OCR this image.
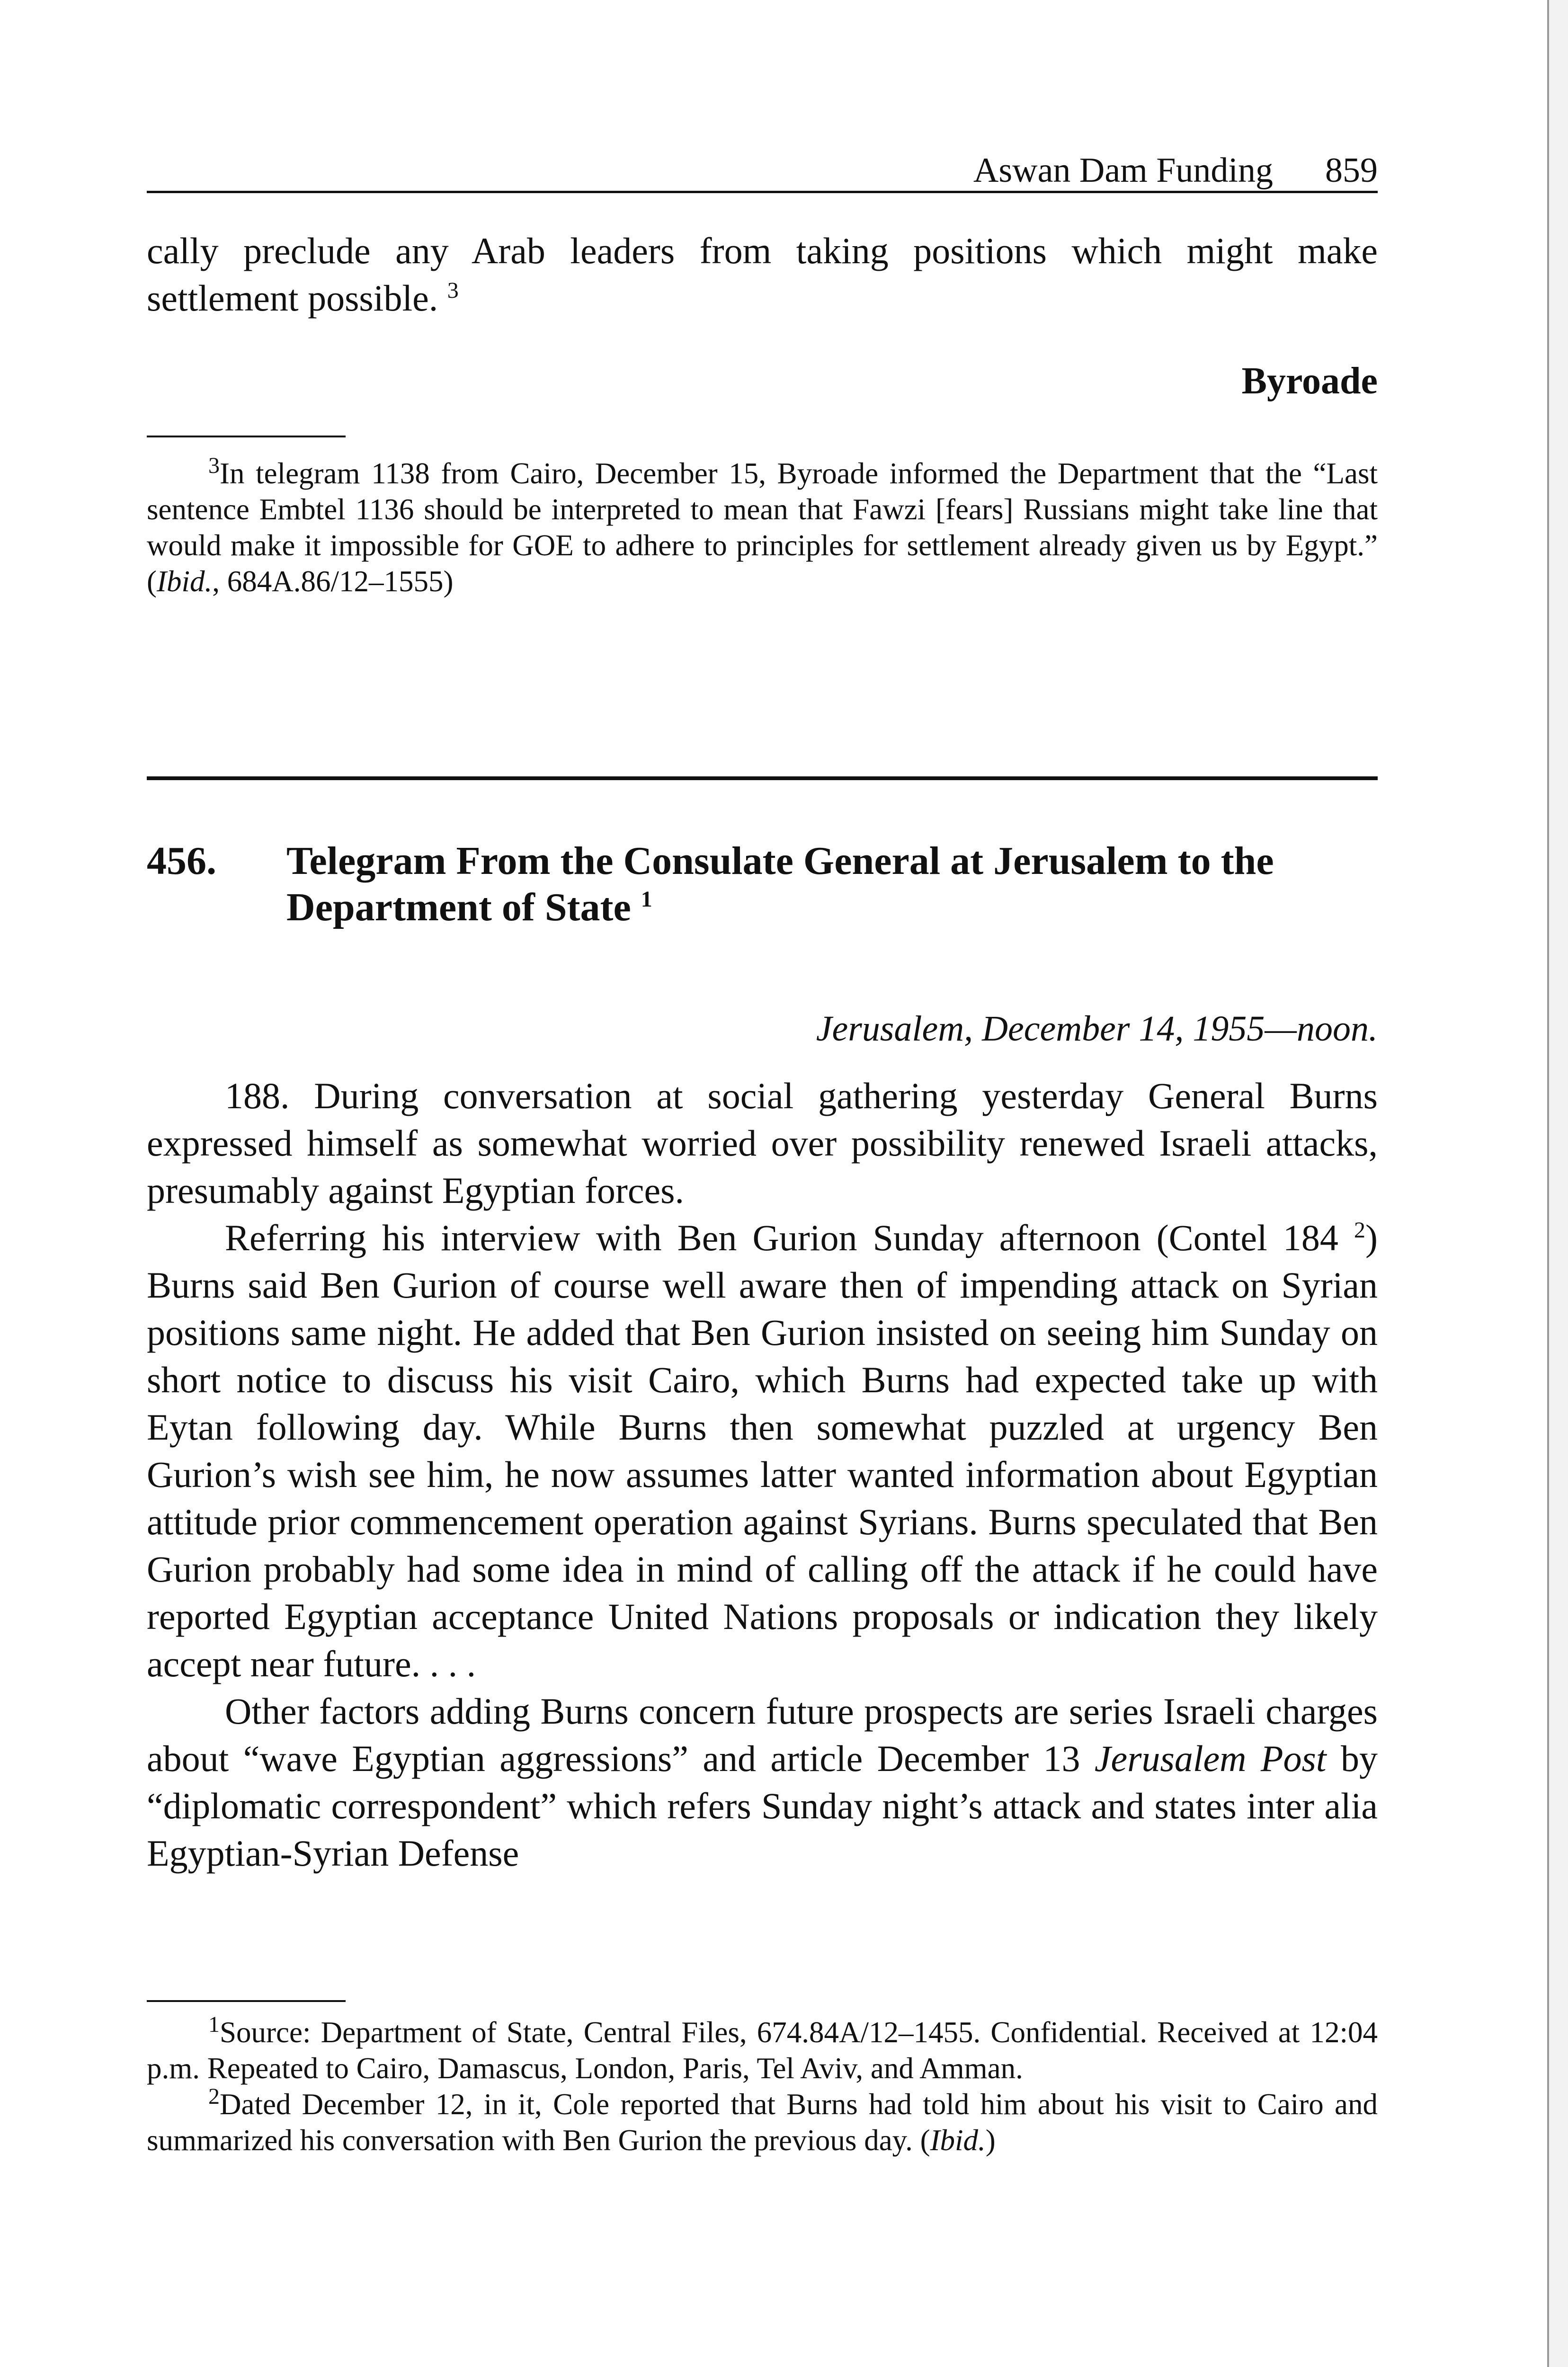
Aswan Dam Funding 859

cally preclude any Arab leaders from taking positions which might make settlement possible. $^3$

Byroade

$^3$In telegram 1138 from Cairo, December 15, Byroade informed the Department that the “Last sentence Embtel 1136 should be interpreted to mean that Fawzi [fears] Russians might take line that would make it impossible for GOE to adhere to principles for settlement already given us by Egypt.” (Ibid., 684A.86/12–1555)

456. Telegram From the Consulate General at Jerusalem to the Department of State $^1$
Jerusalem, December 14, 1955—noon.

188. During conversation at social gathering yesterday General Burns expressed himself as somewhat worried over possibility renewed Israeli attacks, presumably against Egyptian forces.

Referring his interview with Ben Gurion Sunday afternoon (Contel 184 $^2$) Burns said Ben Gurion of course well aware then of impending attack on Syrian positions same night. He added that Ben Gurion insisted on seeing him Sunday on short notice to discuss his visit Cairo, which Burns had expected take up with Eytan following day. While Burns then somewhat puzzled at urgency Ben Gurion’s wish see him, he now assumes latter wanted information about Egyptian attitude prior commencement operation against Syrians. Burns speculated that Ben Gurion probably had some idea in mind of calling off the attack if he could have reported Egyptian acceptance United Nations proposals or indication they likely accept near future. . . .

Other factors adding Burns concern future prospects are series Israeli charges about “wave Egyptian aggressions” and article December 13 Jerusalem Post by “diplomatic correspondent” which refers Sunday night’s attack and states inter alia Egyptian-Syrian Defense

$^1$Source: Department of State, Central Files, 674.84A/12–1455. Confidential. Received at 12:04 p.m. Repeated to Cairo, Damascus, London, Paris, Tel Aviv, and Amman.

$^2$Dated December 12, in it, Cole reported that Burns had told him about his visit to Cairo and summarized his conversation with Ben Gurion the previous day. (Ibid.)
